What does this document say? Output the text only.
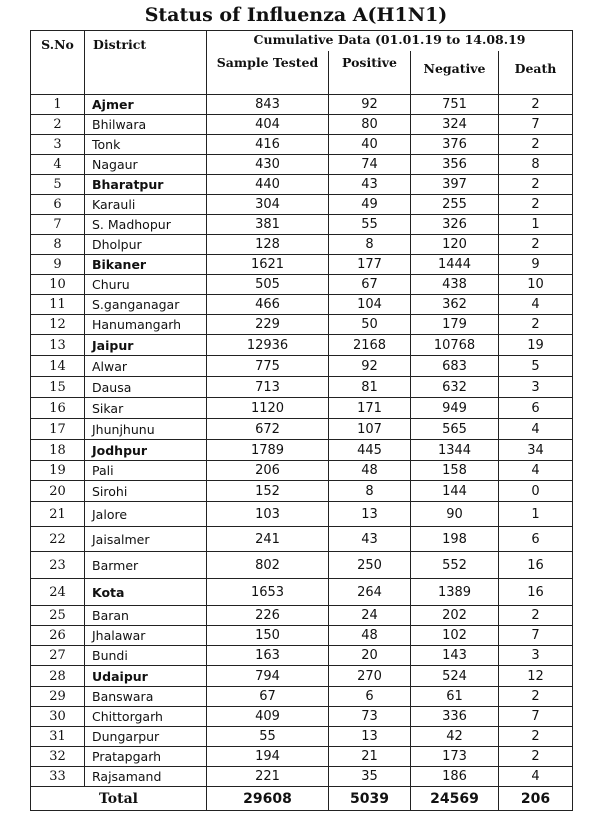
Status of Influenza A(H1N1)
S.No	District	Cumulative Data (01.01.19 to 14.08.19			
		Sample Tested	Positive	Negative	Death
1	Ajmer	843	92	751	2
2	Bhilwara	404	80	324	7
3	Tonk	416	40	376	2
4	Nagaur	430	74	356	8
5	Bharatpur	440	43	397	2
6	Karauli	304	49	255	2
7	S. Madhopur	381	55	326	1
8	Dholpur	128	8	120	2
9	Bikaner	1621	177	1444	9
10	Churu	505	67	438	10
11	S.ganganagar	466	104	362	4
12	Hanumangarh	229	50	179	2
13	Jaipur	12936	2168	10768	19
14	Alwar	775	92	683	5
15	Dausa	713	81	632	3
16	Sikar	1120	171	949	6
17	Jhunjhunu	672	107	565	4
18	Jodhpur	1789	445	1344	34
19	Pali	206	48	158	4
20	Sirohi	152	8	144	0
21	Jalore	103	13	90	1
22	Jaisalmer	241	43	198	6
23	Barmer	802	250	552	16
24	Kota	1653	264	1389	16
25	Baran	226	24	202	2
26	Jhalawar	150	48	102	7
27	Bundi	163	20	143	3
28	Udaipur	794	270	524	12
29	Banswara	67	6	61	2
30	Chittorgarh	409	73	336	7
31	Dungarpur	55	13	42	2
32	Pratapgarh	194	21	173	2
33	Rajsamand	221	35	186	4
Total		29608	5039	24569	206
